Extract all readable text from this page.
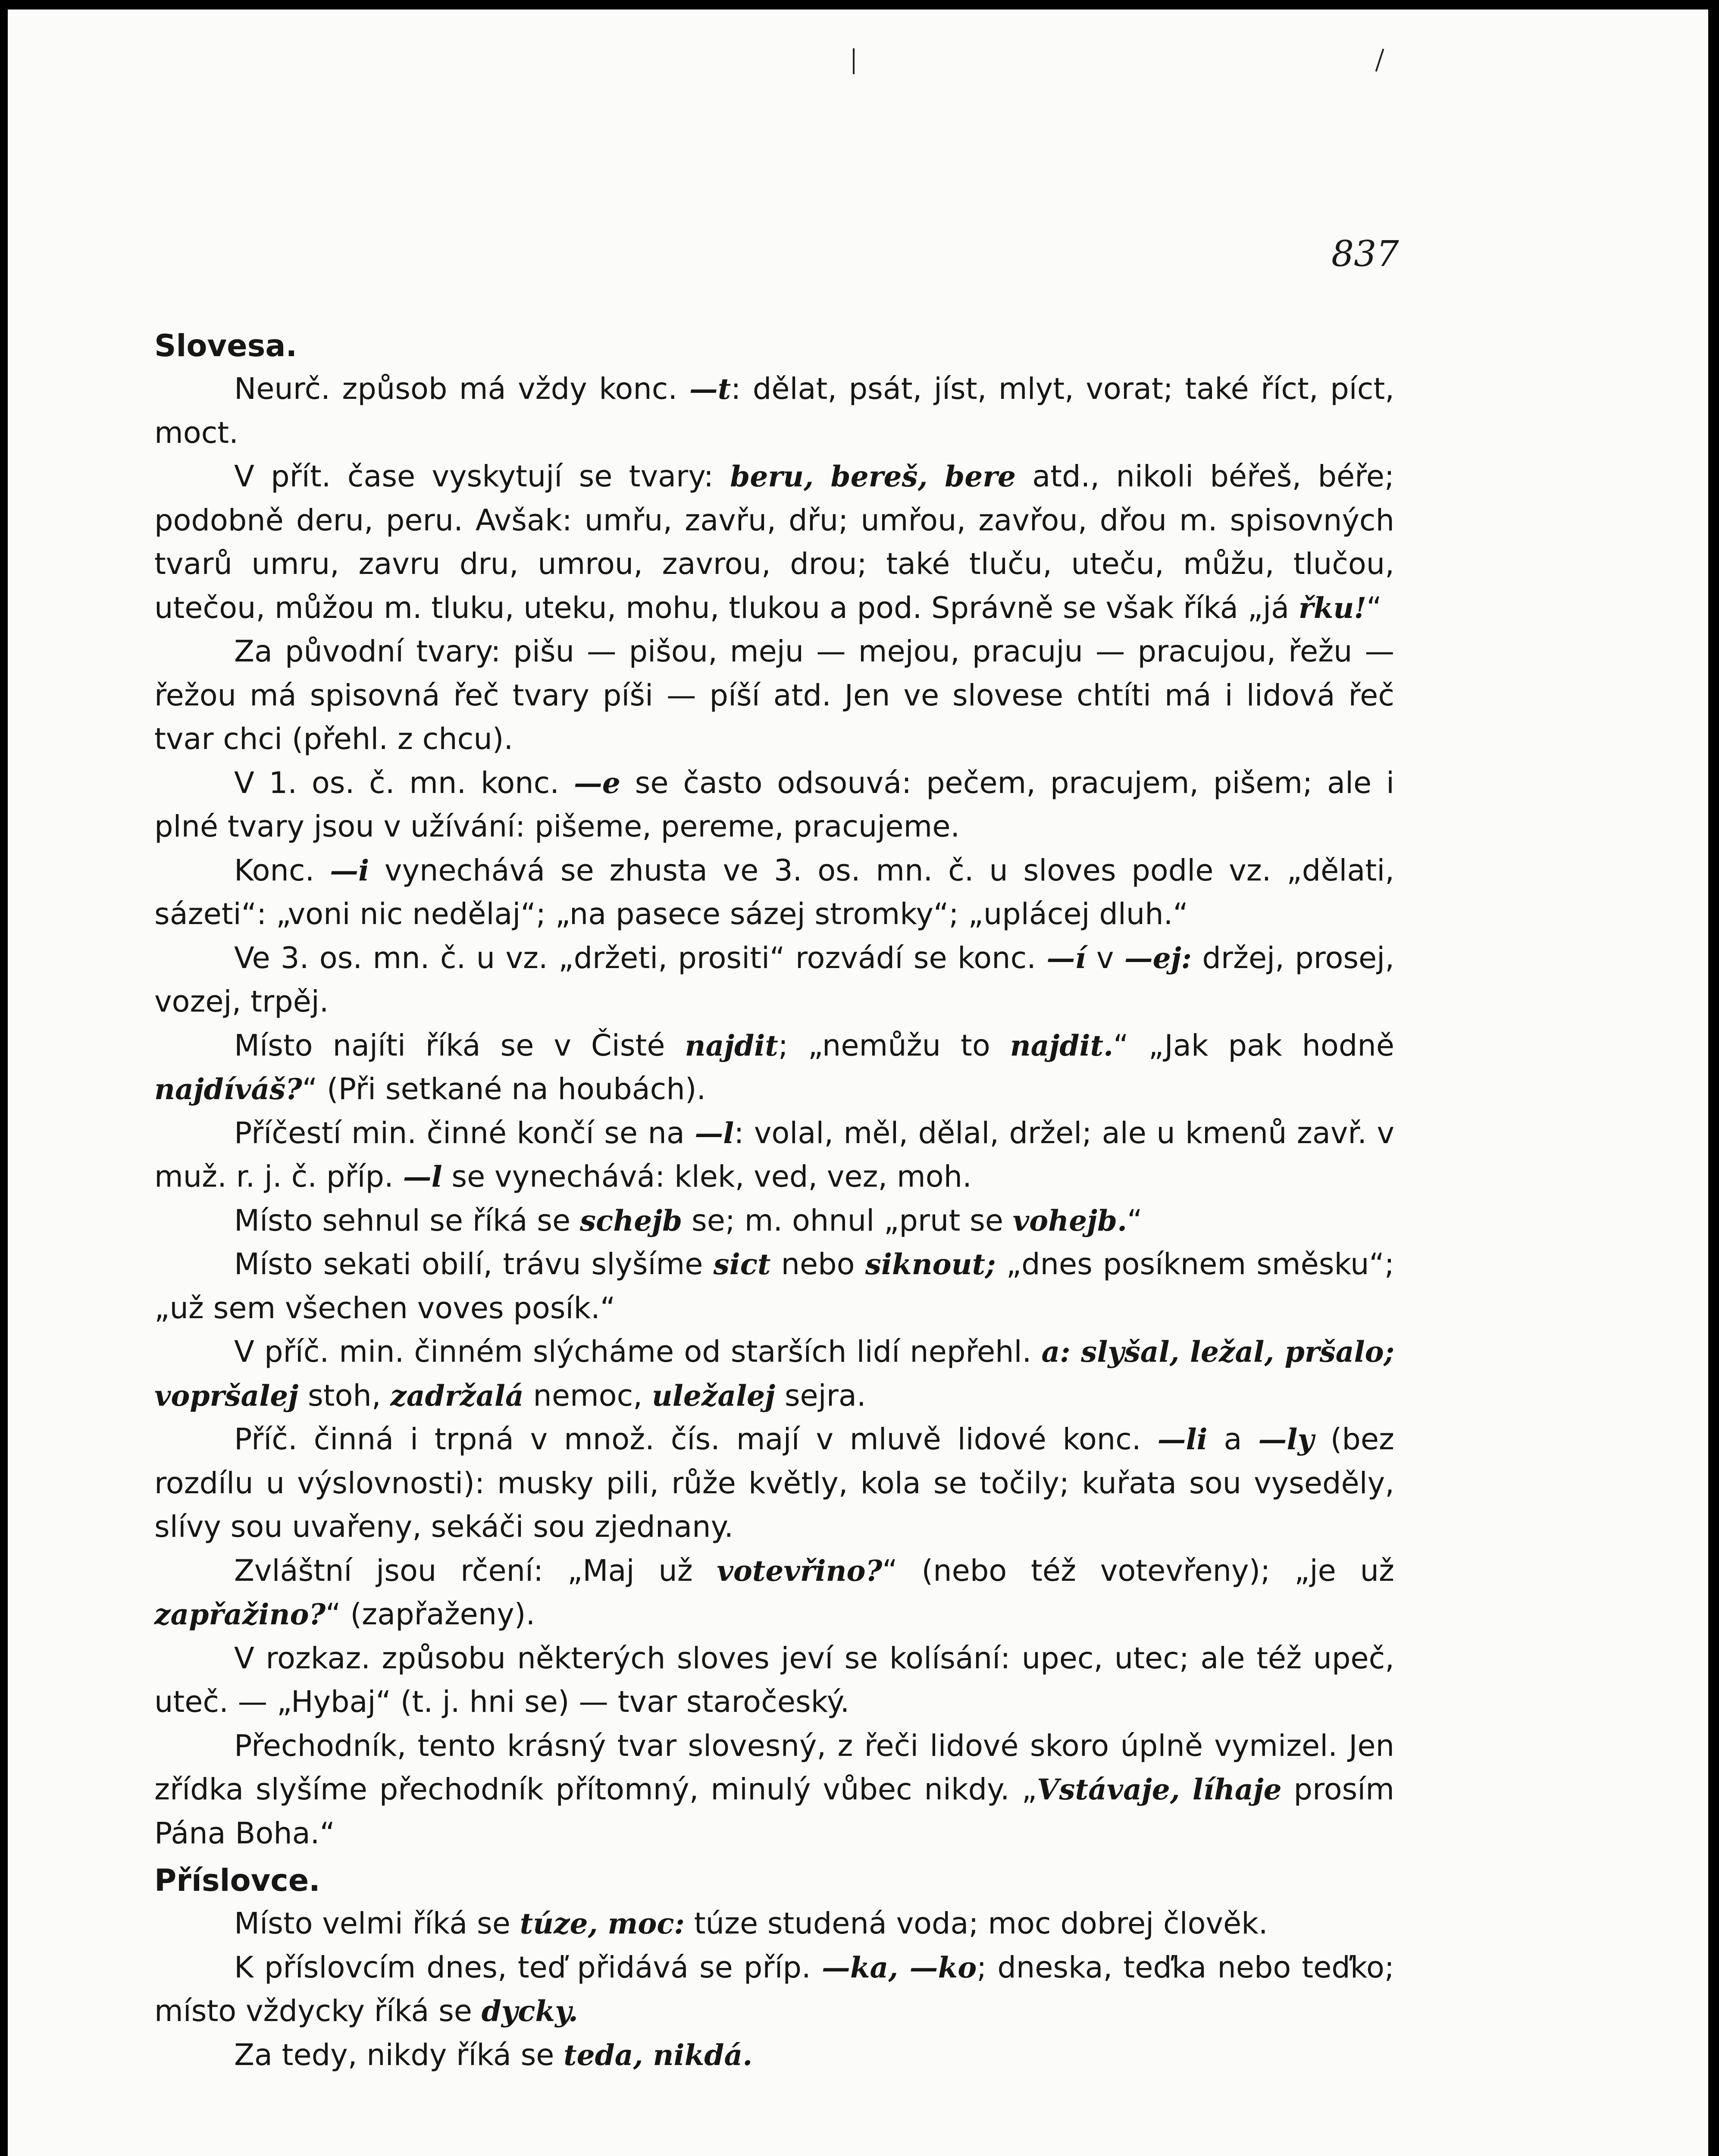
837
Slovesa.

Neurč. způsob má vždy konc. —t: dělat, psát, jíst, mlyt, vorat; také říct, píct, moct.

V přít. čase vyskytují se tvary: beru, bereš, bere atd., nikoli béřeš, béře; podobně deru, peru. Avšak: umřu, zavřu, dřu; umřou, zavřou, dřou m. spisovných tvarů umru, zavru dru, umrou, zavrou, drou; také tluču, uteču, můžu, tlučou, utečou, můžou m. tluku, uteku, mohu, tlukou a pod. Správně se však říká „já řku!“

Za původní tvary: pišu — pišou, meju — mejou, pracuju — pracujou, řežu — řežou má spisovná řeč tvary píši — píší atd. Jen ve slovese chtíti má i lidová řeč tvar chci (přehl. z chcu).

V 1. os. č. mn. konc. —e se často odsouvá: pečem, pracujem, pišem; ale i plné tvary jsou v užívání: pišeme, pereme, pracujeme.

Konc. —i vynechává se zhusta ve 3. os. mn. č. u sloves podle vz. „dělati, sázeti“: „voni nic nedělaj“; „na pasece sázej stromky“; „uplácej dluh.“

Ve 3. os. mn. č. u vz. „držeti, prositi“ rozvádí se konc. —í v —ej: držej, prosej, vozej, trpěj.

Místo najíti říká se v Čisté najdit; „nemůžu to najdit.“ „Jak pak hodně najdíváš?“ (Při setkané na houbách).

Příčestí min. činné končí se na —l: volal, měl, dělal, držel; ale u kmenů zavř. v muž. r. j. č. příp. —l se vynechává: klek, ved, vez, moh.

Místo sehnul se říká se schejb se; m. ohnul „prut se vohejb.“

Místo sekati obilí, trávu slyšíme sict nebo siknout; „dnes posíknem směsku“; „už sem všechen voves posík.“

V příč. min. činném slýcháme od starších lidí nepřehl. a: slyšal, ležal, pršalo; vopršalej stoh, zadržalá nemoc, uležalej sejra.

Příč. činná i trpná v množ. čís. mají v mluvě lidové konc. —li a —ly (bez rozdílu u výslovnosti): musky pili, růže květly, kola se točily; kuřata sou vyseděly, slívy sou uvařeny, sekáči sou zjednany.

Zvláštní jsou rčení: „Maj už votevřino?“ (nebo též votevřeny); „je už zapřažino?“ (zapřaženy).

V rozkaz. způsobu některých sloves jeví se kolísání: upec, utec; ale též upeč, uteč. — „Hybaj“ (t. j. hni se) — tvar staročeský.

Přechodník, tento krásný tvar slovesný, z řeči lidové skoro úplně vymizel. Jen zřídka slyšíme přechodník přítomný, minulý vůbec nikdy. „Vstávaje, líhaje prosím Pána Boha.“

Příslovce.

Místo velmi říká se túze, moc: túze studená voda; moc dobrej člověk.

K příslovcím dnes, teď přidává se příp. —ka, —ko; dneska, teďka nebo teďko; místo vždycky říká se dycky.

Za tedy, nikdy říká se teda, nikdá.
